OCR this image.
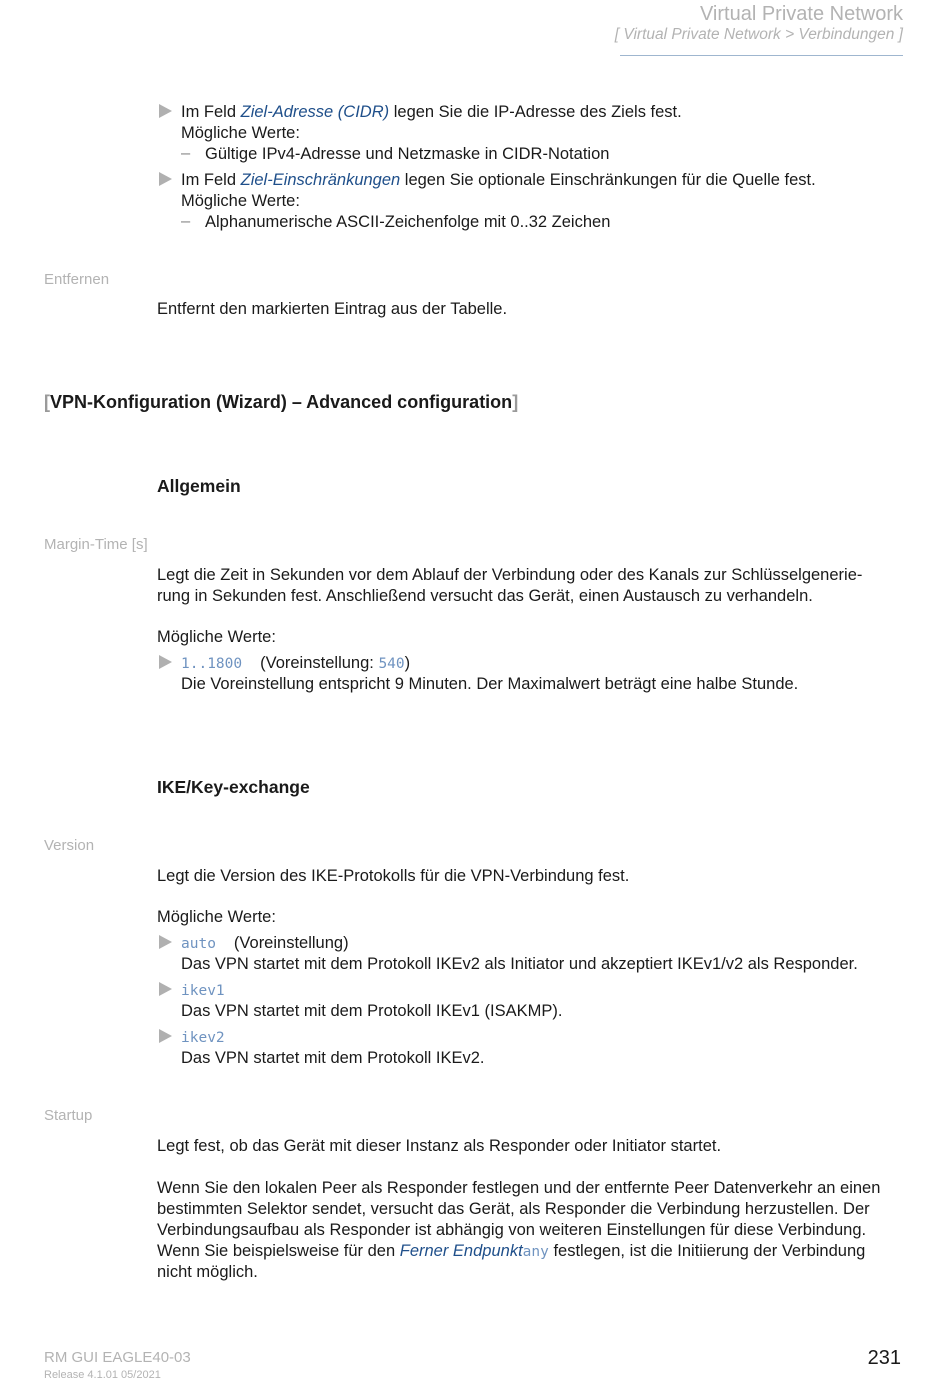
Virtual Private Network
[ Virtual Private Network > Verbindungen ]
Im Feld Ziel-Adresse (CIDR) legen Sie die IP-Adresse des Ziels fest.
Mögliche Werte:
– Gültige IPv4-Adresse und Netzmaske in CIDR-Notation
Im Feld Ziel-Einschränkungen legen Sie optionale Einschränkungen für die Quelle fest.
Mögliche Werte:
– Alphanumerische ASCII-Zeichenfolge mit 0..32 Zeichen
Entfernen
Entfernt den markierten Eintrag aus der Tabelle.
[VPN-Konfiguration (Wizard) – Advanced configuration]
Allgemein
Margin-Time [s]
Legt die Zeit in Sekunden vor dem Ablauf der Verbindung oder des Kanals zur Schlüsselgenerie-
rung in Sekunden fest. Anschließend versucht das Gerät, einen Austausch zu verhandeln.
Mögliche Werte:
1..1800 (Voreinstellung: 540)
Die Voreinstellung entspricht 9 Minuten. Der Maximalwert beträgt eine halbe Stunde.
IKE/Key-exchange
Version
Legt die Version des IKE-Protokolls für die VPN-Verbindung fest.
Mögliche Werte:
auto (Voreinstellung)
Das VPN startet mit dem Protokoll IKEv2 als Initiator und akzeptiert IKEv1/v2 als Responder.
ikev1
Das VPN startet mit dem Protokoll IKEv1 (ISAKMP).
ikev2
Das VPN startet mit dem Protokoll IKEv2.
Startup
Legt fest, ob das Gerät mit dieser Instanz als Responder oder Initiator startet.
Wenn Sie den lokalen Peer als Responder festlegen und der entfernte Peer Datenverkehr an einen
bestimmten Selektor sendet, versucht das Gerät, als Responder die Verbindung herzustellen. Der
Verbindungsaufbau als Responder ist abhängig von weiteren Einstellungen für diese Verbindung.
Wenn Sie beispielsweise für den Ferner Endpunktany festlegen, ist die Initiierung der Verbindung
nicht möglich.
RM GUI EAGLE40-03
Release 4.1.01 05/2021
231
